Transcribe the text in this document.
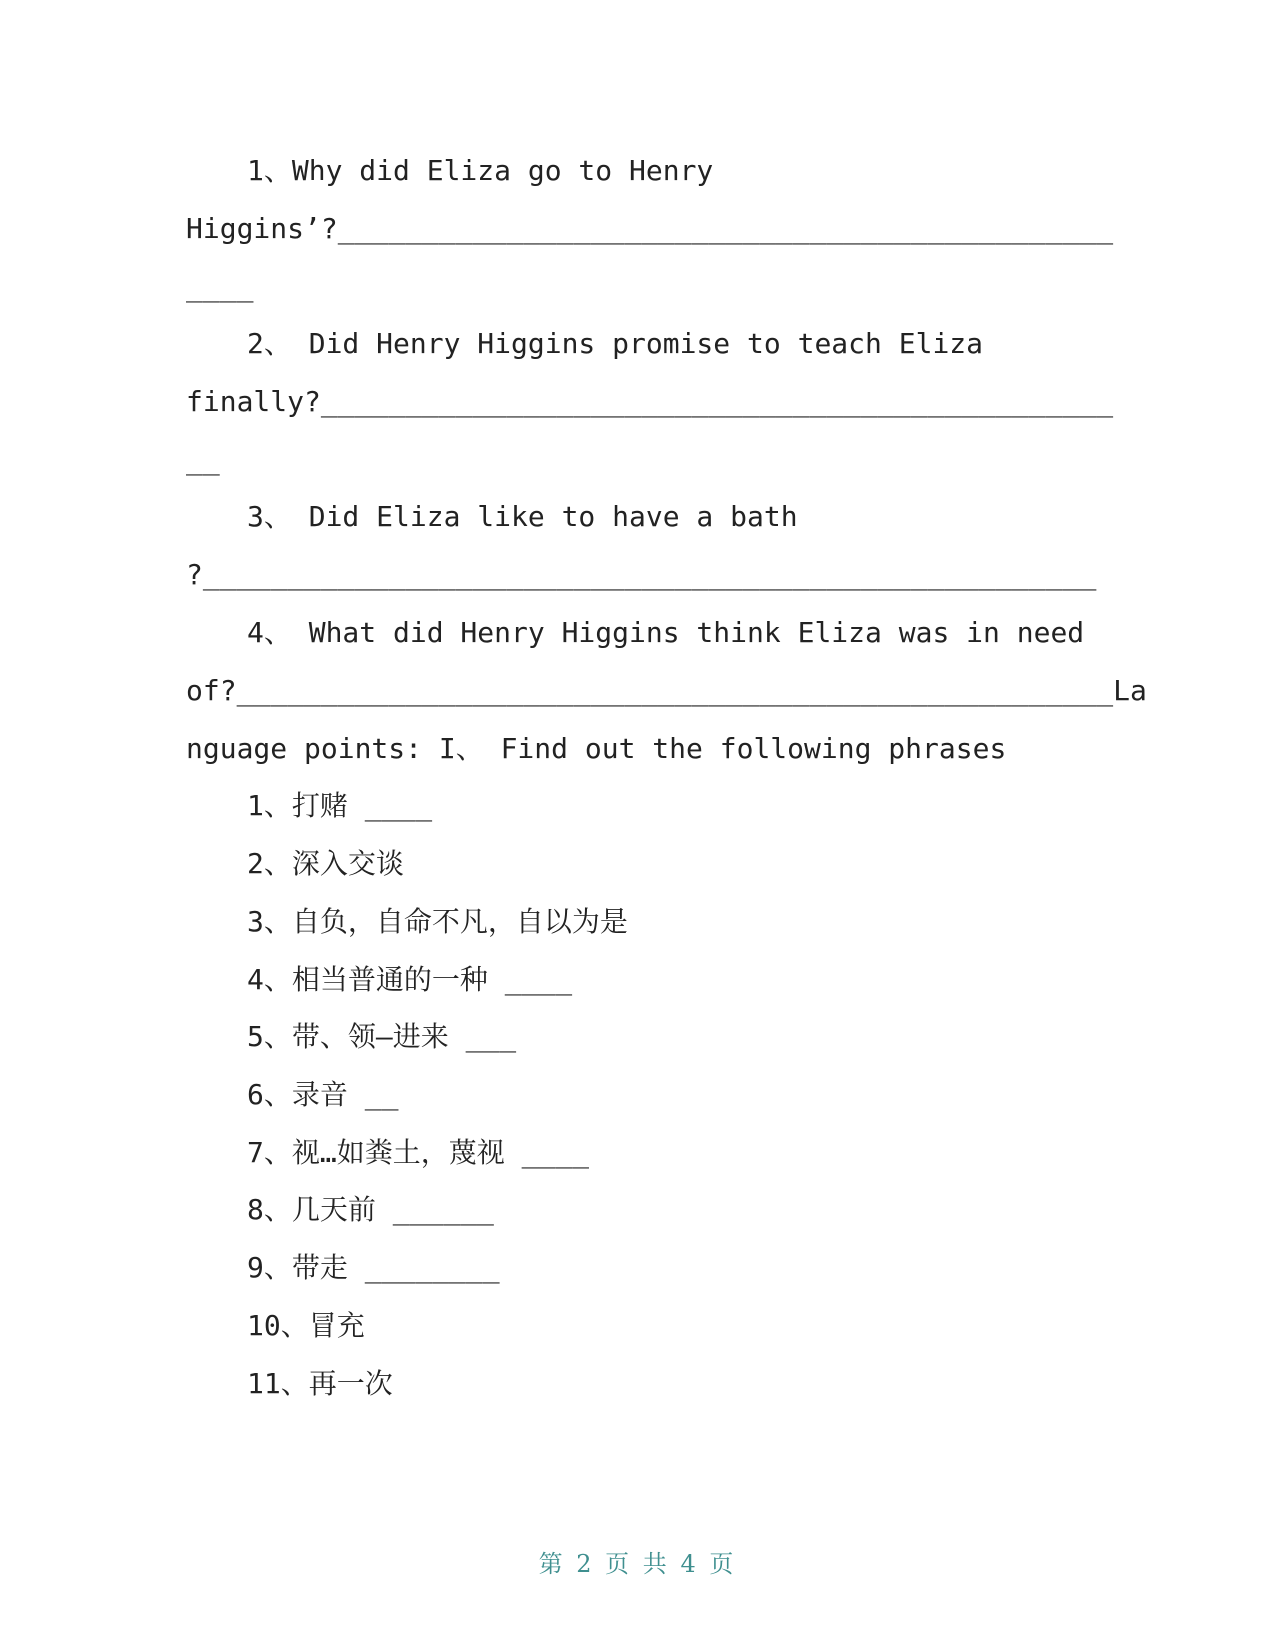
1、Why did Eliza go to Henry
Higgins’?______________________________________________
____
2、 Did Henry Higgins promise to teach Eliza
finally?_______________________________________________
__
3、 Did Eliza like to have a bath
?_____________________________________________________
4、 What did Henry Higgins think Eliza was in need
of?____________________________________________________La
nguage points: I、 Find out the following phrases
1、打赌 ____
2、深入交谈
3、自负，自命不凡，自以为是
4、相当普通的一种 ____
5、带、领—进来 ___
6、录音 __
7、视…如粪土，蔑视 ____
8、几天前 ______
9、带走 ________
10、冒充
11、再一次
第 2 页 共 4 页
